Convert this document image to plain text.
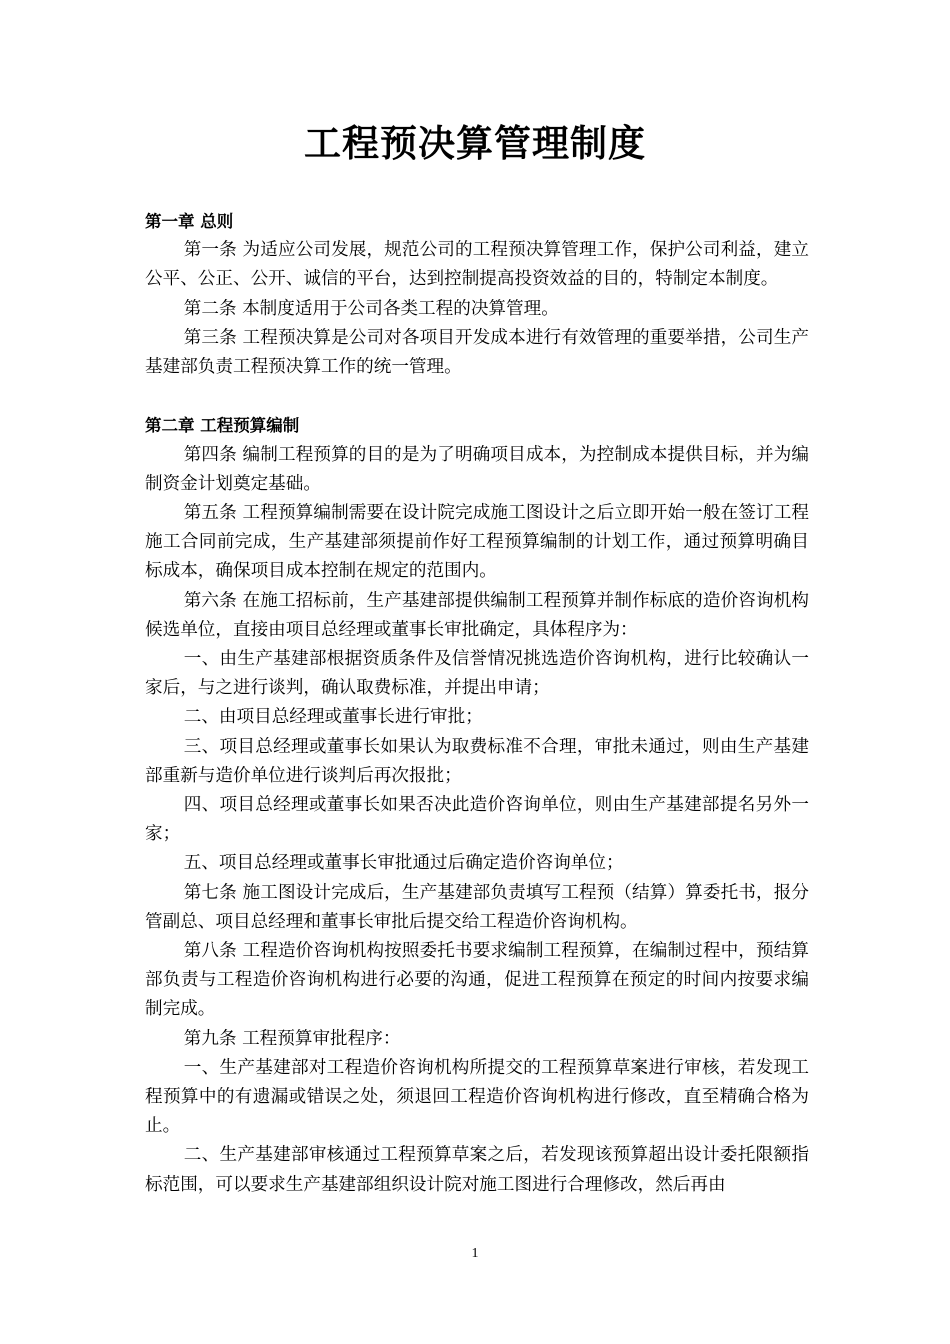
工程预决算管理制度
第一章 总则
第一条 为适应公司发展，规范公司的工程预决算管理工作，保护公司利益，建立公平、公正、公开、诚信的平台，达到控制提高投资效益的目的，特制定本制度。
第二条 本制度适用于公司各类工程的决算管理。
第三条 工程预决算是公司对各项目开发成本进行有效管理的重要举措，公司生产基建部负责工程预决算工作的统一管理。
第二章 工程预算编制
第四条 编制工程预算的目的是为了明确项目成本，为控制成本提供目标，并为编制资金计划奠定基础。
第五条 工程预算编制需要在设计院完成施工图设计之后立即开始一般在签订工程施工合同前完成，生产基建部须提前作好工程预算编制的计划工作，通过预算明确目标成本，确保项目成本控制在规定的范围内。
第六条 在施工招标前，生产基建部提供编制工程预算并制作标底的造价咨询机构候选单位，直接由项目总经理或董事长审批确定，具体程序为：
一、由生产基建部根据资质条件及信誉情况挑选造价咨询机构，进行比较确认一家后，与之进行谈判，确认取费标准，并提出申请；
二、由项目总经理或董事长进行审批；
三、项目总经理或董事长如果认为取费标准不合理，审批未通过，则由生产基建部重新与造价单位进行谈判后再次报批；
四、项目总经理或董事长如果否决此造价咨询单位，则由生产基建部提名另外一家；
五、项目总经理或董事长审批通过后确定造价咨询单位；
第七条 施工图设计完成后，生产基建部负责填写工程预（结算）算委托书，报分管副总、项目总经理和董事长审批后提交给工程造价咨询机构。
第八条 工程造价咨询机构按照委托书要求编制工程预算，在编制过程中，预结算部负责与工程造价咨询机构进行必要的沟通，促进工程预算在预定的时间内按要求编制完成。
第九条 工程预算审批程序：
一、生产基建部对工程造价咨询机构所提交的工程预算草案进行审核，若发现工程预算中的有遗漏或错误之处，须退回工程造价咨询机构进行修改，直至精确合格为止。
二、生产基建部审核通过工程预算草案之后，若发现该预算超出设计委托限额指标范围，可以要求生产基建部组织设计院对施工图进行合理修改，然后再由
1
